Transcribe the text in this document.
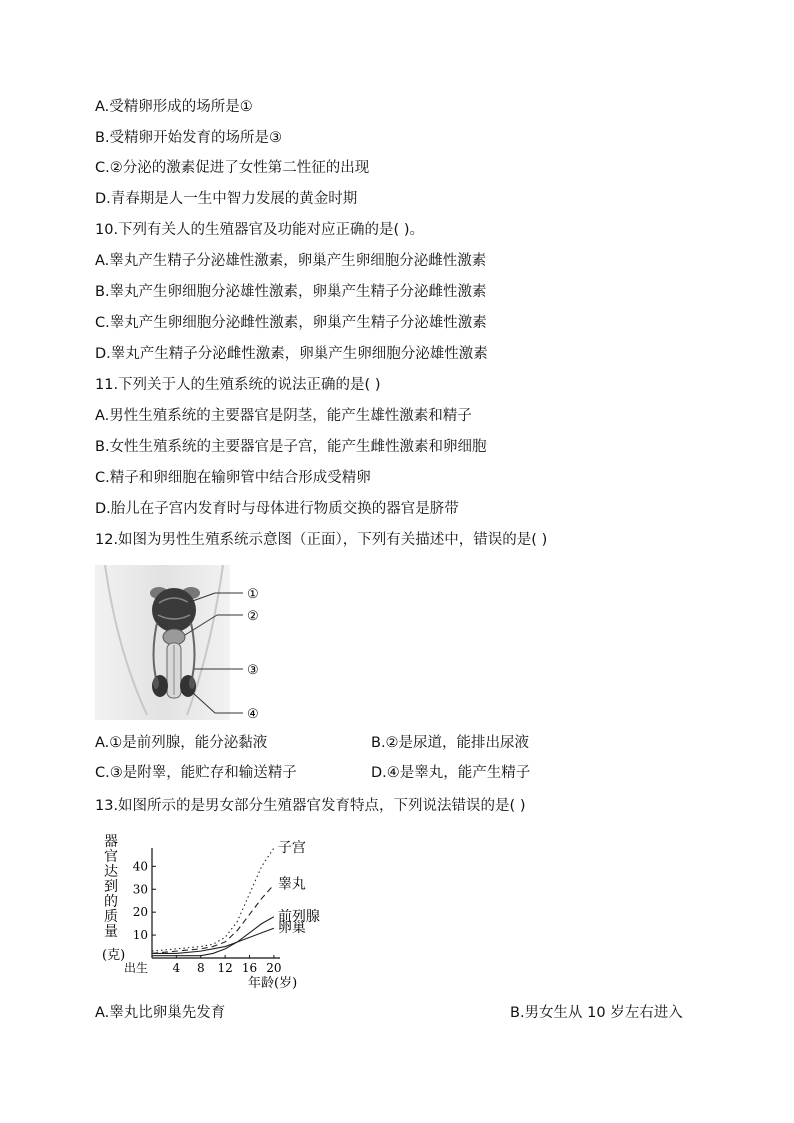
A.受精卵形成的场所是①
B.受精卵开始发育的场所是③
C.②分泌的激素促进了女性第二性征的出现
D.青春期是人一生中智力发展的黄金时期
10.下列有关人的生殖器官及功能对应正确的是( )。
A.睾丸产生精子分泌雄性激素，卵巢产生卵细胞分泌雌性激素
B.睾丸产生卵细胞分泌雄性激素，卵巢产生精子分泌雌性激素
C.睾丸产生卵细胞分泌雌性激素，卵巢产生精子分泌雄性激素
D.睾丸产生精子分泌雌性激素，卵巢产生卵细胞分泌雄性激素
11.下列关于人的生殖系统的说法正确的是( )
A.男性生殖系统的主要器官是阴茎，能产生雄性激素和精子
B.女性生殖系统的主要器官是子宫，能产生雌性激素和卵细胞
C.精子和卵细胞在输卵管中结合形成受精卵
D.胎儿在子宫内发育时与母体进行物质交换的器官是脐带
12.如图为男性生殖系统示意图（正面），下列有关描述中，错误的是( )
①
②
③
④
A.①是前列腺，能分泌黏液	B.②是尿道，能排出尿液
C.③是附睾，能贮存和输送精子	D.④是睾丸，能产生精子
13.如图所示的是男女部分生殖器官发育特点，下列说法错误的是( )
器
官
达
到
的
质
量
(克)
10
20
30
40
出生 4 8 12 16 20
子宫
睾丸
前列腺
卵巢
年龄(岁)
A.睾丸比卵巢先发育	B.男女生从 10 岁左右进入
